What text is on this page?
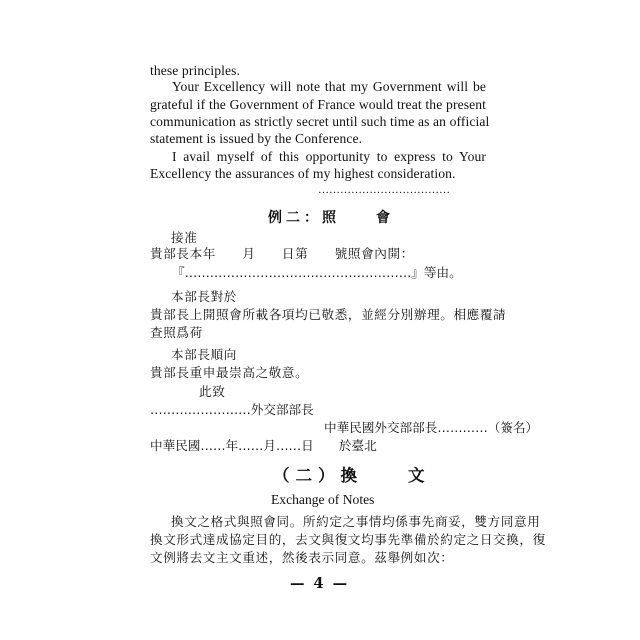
these principles.
Your Excellency will note that my Government will be
grateful if the Government of France would treat the present
communication as strictly secret until such time as an official
statement is issued by the Conference.
I avail myself of this opportunity to express to Your
Excellency the assurances of my highest consideration.
………………………………
例二：照　　會
接准
貴部長本年　　月　　日第　　號照會內開：
『………………………………………………』等由。
本部長對於
貴部長上開照會所載各項均已敬悉，並經分別辦理。相應覆請
查照爲荷
本部長順向
貴部長重申最崇高之敬意。
此致
……………………外交部部長
中華民國外交部部長…………（簽名）
中華民國……年……月……日　　於臺北
（二）換　　文
Exchange of Notes
換文之格式與照會同。所約定之事情均係事先商妥，雙方同意用
換文形式達成協定目的，去文與復文均事先準備於約定之日交換，復
文例將去文主文重述，然後表示同意。茲舉例如次：
— 4 —
